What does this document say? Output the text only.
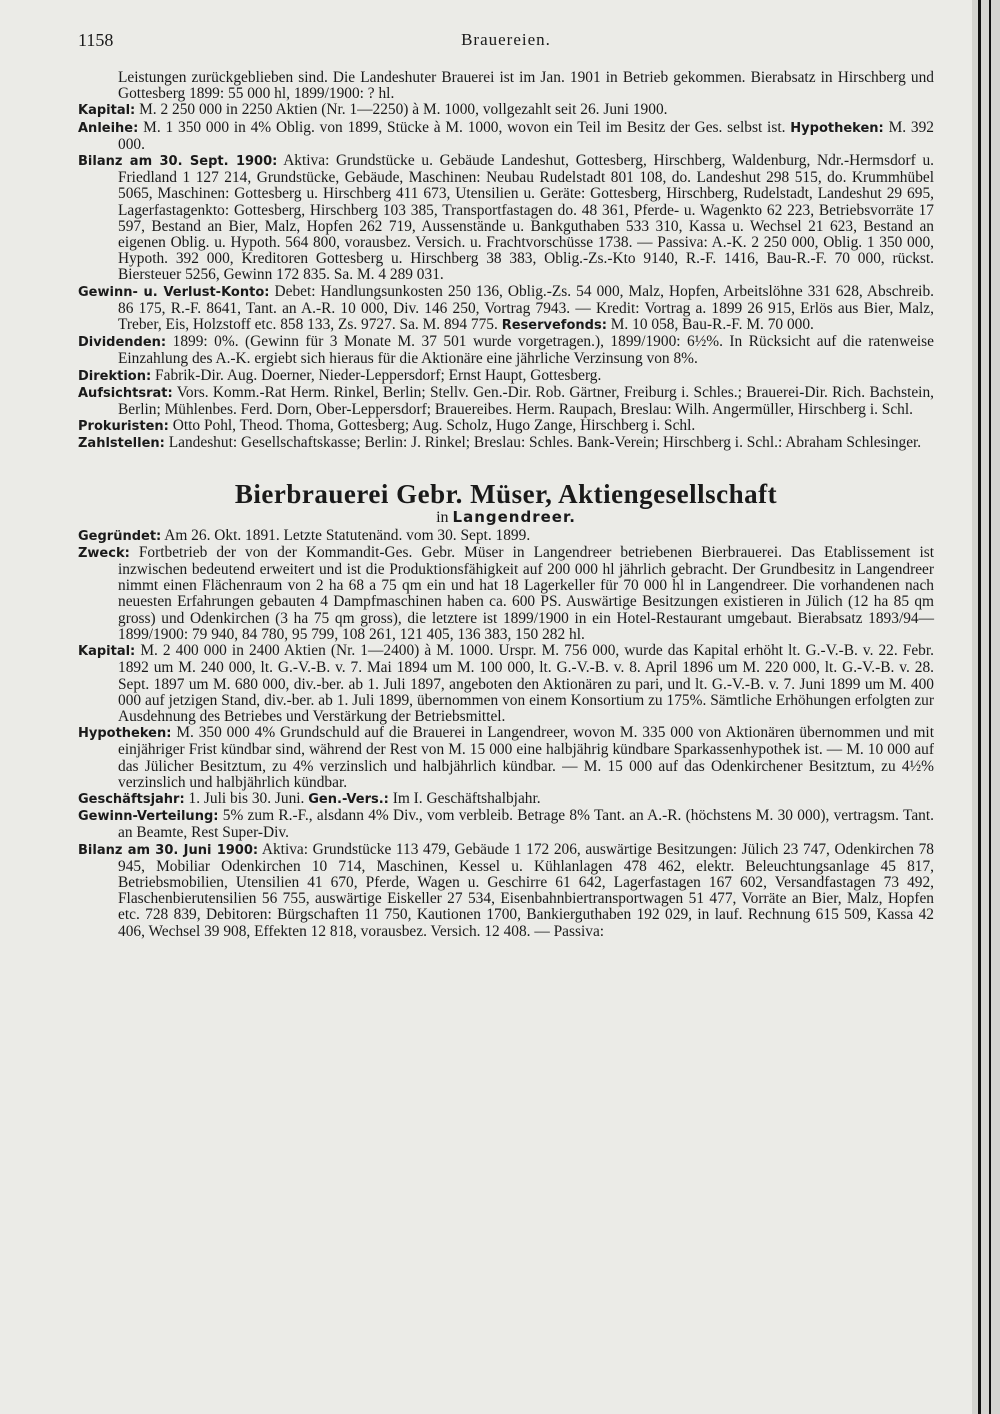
1158	Brauereien.

Leistungen zurückgeblieben sind. Die Landeshuter Brauerei ist im Jan. 1901 in Betrieb gekommen. Bierabsatz in Hirschberg und Gottesberg 1899: 55 000 hl, 1899/1900: ? hl.

Kapital: M. 2 250 000 in 2250 Aktien (Nr. 1—2250) à M. 1000, vollgezahlt seit 26. Juni 1900.

Anleihe: M. 1 350 000 in 4% Oblig. von 1899, Stücke à M. 1000, wovon ein Teil im Besitz der Ges. selbst ist. Hypotheken: M. 392 000.

Bilanz am 30. Sept. 1900: Aktiva: Grundstücke u. Gebäude Landeshut, Gottesberg, Hirschberg, Waldenburg, Ndr.-Hermsdorf u. Friedland 1 127 214, Grundstücke, Gebäude, Maschinen: Neubau Rudelstadt 801 108, do. Landeshut 298 515, do. Krummhübel 5065, Maschinen: Gottesberg u. Hirschberg 411 673, Utensilien u. Geräte: Gottesberg, Hirschberg, Rudelstadt, Landeshut 29 695, Lagerfastagenkto: Gottesberg, Hirschberg 103 385, Transportfastagen do. 48 361, Pferde- u. Wagenkto 62 223, Betriebsvorräte 17 597, Bestand an Bier, Malz, Hopfen 262 719, Aussenstände u. Bankguthaben 533 310, Kassa u. Wechsel 21 623, Bestand an eigenen Oblig. u. Hypoth. 564 800, vorausbez. Versich. u. Frachtvorschüsse 1738. — Passiva: A.-K. 2 250 000, Oblig. 1 350 000, Hypoth. 392 000, Kreditoren Gottesberg u. Hirschberg 38 383, Oblig.-Zs.-Kto 9140, R.-F. 1416, Bau-R.-F. 70 000, rückst. Biersteuer 5256, Gewinn 172 835. Sa. M. 4 289 031.

Gewinn- u. Verlust-Konto: Debet: Handlungsunkosten 250 136, Oblig.-Zs. 54 000, Malz, Hopfen, Arbeitslöhne 331 628, Abschreib. 86 175, R.-F. 8641, Tant. an A.-R. 10 000, Div. 146 250, Vortrag 7943. — Kredit: Vortrag a. 1899 26 915, Erlös aus Bier, Malz, Treber, Eis, Holzstoff etc. 858 133, Zs. 9727. Sa. M. 894 775. Reservefonds: M. 10 058, Bau-R.-F. M. 70 000.

Dividenden: 1899: 0%. (Gewinn für 3 Monate M. 37 501 wurde vorgetragen.), 1899/1900: 6½%. In Rücksicht auf die ratenweise Einzahlung des A.-K. ergiebt sich hieraus für die Aktionäre eine jährliche Verzinsung von 8%.

Direktion: Fabrik-Dir. Aug. Doerner, Nieder-Leppersdorf; Ernst Haupt, Gottesberg.

Aufsichtsrat: Vors. Komm.-Rat Herm. Rinkel, Berlin; Stellv. Gen.-Dir. Rob. Gärtner, Freiburg i. Schles.; Brauerei-Dir. Rich. Bachstein, Berlin; Mühlenbes. Ferd. Dorn, Ober-Leppersdorf; Brauereibes. Herm. Raupach, Breslau: Wilh. Angermüller, Hirschberg i. Schl.

Prokuristen: Otto Pohl, Theod. Thoma, Gottesberg; Aug. Scholz, Hugo Zange, Hirschberg i. Schl.

Zahlstellen: Landeshut: Gesellschaftskasse; Berlin: J. Rinkel; Breslau: Schles. Bank-Verein; Hirschberg i. Schl.: Abraham Schlesinger.

Bierbrauerei Gebr. Müser, Aktiengesellschaft
in Langendreer.

Gegründet: Am 26. Okt. 1891. Letzte Statutenänd. vom 30. Sept. 1899.

Zweck: Fortbetrieb der von der Kommandit-Ges. Gebr. Müser in Langendreer betriebenen Bierbrauerei. Das Etablissement ist inzwischen bedeutend erweitert und ist die Produktionsfähigkeit auf 200 000 hl jährlich gebracht. Der Grundbesitz in Langendreer nimmt einen Flächenraum von 2 ha 68 a 75 qm ein und hat 18 Lagerkeller für 70 000 hl in Langendreer. Die vorhandenen nach neuesten Erfahrungen gebauten 4 Dampfmaschinen haben ca. 600 PS. Auswärtige Besitzungen existieren in Jülich (12 ha 85 qm gross) und Odenkirchen (3 ha 75 qm gross), die letztere ist 1899/1900 in ein Hotel-Restaurant umgebaut. Bierabsatz 1893/94—1899/1900: 79 940, 84 780, 95 799, 108 261, 121 405, 136 383, 150 282 hl.

Kapital: M. 2 400 000 in 2400 Aktien (Nr. 1—2400) à M. 1000. Urspr. M. 756 000, wurde das Kapital erhöht lt. G.-V.-B. v. 22. Febr. 1892 um M. 240 000, lt. G.-V.-B. v. 7. Mai 1894 um M. 100 000, lt. G.-V.-B. v. 8. April 1896 um M. 220 000, lt. G.-V.-B. v. 28. Sept. 1897 um M. 680 000, div.-ber. ab 1. Juli 1897, angeboten den Aktionären zu pari, und lt. G.-V.-B. v. 7. Juni 1899 um M. 400 000 auf jetzigen Stand, div.-ber. ab 1. Juli 1899, übernommen von einem Konsortium zu 175%. Sämtliche Erhöhungen erfolgten zur Ausdehnung des Betriebes und Verstärkung der Betriebsmittel.

Hypotheken: M. 350 000 4% Grundschuld auf die Brauerei in Langendreer, wovon M. 335 000 von Aktionären übernommen und mit einjähriger Frist kündbar sind, während der Rest von M. 15 000 eine halbjährig kündbare Sparkassenhypothek ist. — M. 10 000 auf das Jülicher Besitztum, zu 4% verzinslich und halbjährlich kündbar. — M. 15 000 auf das Odenkirchener Besitztum, zu 4½% verzinslich und halbjährlich kündbar.

Geschäftsjahr: 1. Juli bis 30. Juni. Gen.-Vers.: Im I. Geschäftshalbjahr.

Gewinn-Verteilung: 5% zum R.-F., alsdann 4% Div., vom verbleib. Betrage 8% Tant. an A.-R. (höchstens M. 30 000), vertragsm. Tant. an Beamte, Rest Super-Div.

Bilanz am 30. Juni 1900: Aktiva: Grundstücke 113 479, Gebäude 1 172 206, auswärtige Besitzungen: Jülich 23 747, Odenkirchen 78 945, Mobiliar Odenkirchen 10 714, Maschinen, Kessel u. Kühlanlagen 478 462, elektr. Beleuchtungsanlage 45 817, Betriebsmobilien, Utensilien 41 670, Pferde, Wagen u. Geschirre 61 642, Lagerfastagen 167 602, Versandfastagen 73 492, Flaschenbierutensilien 56 755, auswärtige Eiskeller 27 534, Eisenbahnbiertransportwagen 51 477, Vorräte an Bier, Malz, Hopfen etc. 728 839, Debitoren: Bürgschaften 11 750, Kautionen 1700, Bankierguthaben 192 029, in lauf. Rechnung 615 509, Kassa 42 406, Wechsel 39 908, Effekten 12 818, vorausbez. Versich. 12 408. — Passiva:
